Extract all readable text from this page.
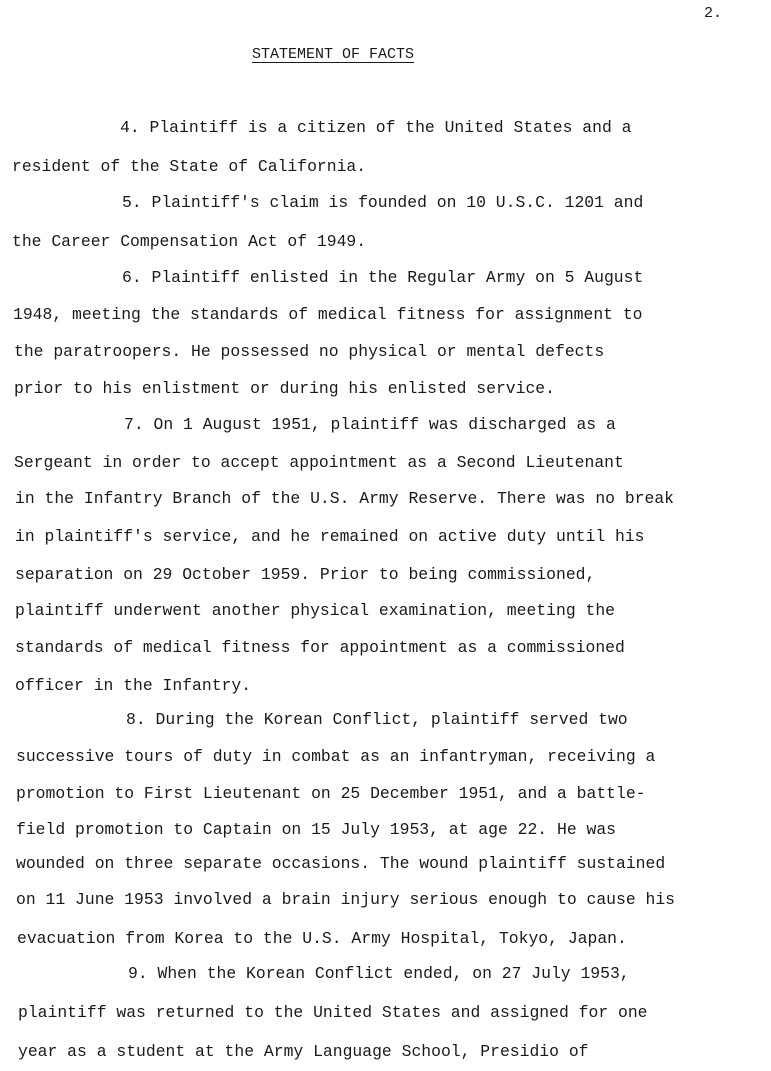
2.
STATEMENT OF FACTS
4. Plaintiff is a citizen of the United States and a
resident of the State of California.
5. Plaintiff's claim is founded on 10 U.S.C. 1201 and
the Career Compensation Act of 1949.
6. Plaintiff enlisted in the Regular Army on 5 August
1948, meeting the standards of medical fitness for assignment to
the paratroopers. He possessed no physical or mental defects
prior to his enlistment or during his enlisted service.
7. On 1 August 1951, plaintiff was discharged as a
Sergeant in order to accept appointment as a Second Lieutenant
in the Infantry Branch of the U.S. Army Reserve. There was no break
in plaintiff's service, and he remained on active duty until his
separation on 29 October 1959. Prior to being commissioned,
plaintiff underwent another physical examination, meeting the
standards of medical fitness for appointment as a commissioned
officer in the Infantry.
8. During the Korean Conflict, plaintiff served two
successive tours of duty in combat as an infantryman, receiving a
promotion to First Lieutenant on 25 December 1951, and a battle-
field promotion to Captain on 15 July 1953, at age 22. He was
wounded on three separate occasions. The wound plaintiff sustained
on 11 June 1953 involved a brain injury serious enough to cause his
evacuation from Korea to the U.S. Army Hospital, Tokyo, Japan.
9. When the Korean Conflict ended, on 27 July 1953,
plaintiff was returned to the United States and assigned for one
year as a student at the Army Language School, Presidio of
